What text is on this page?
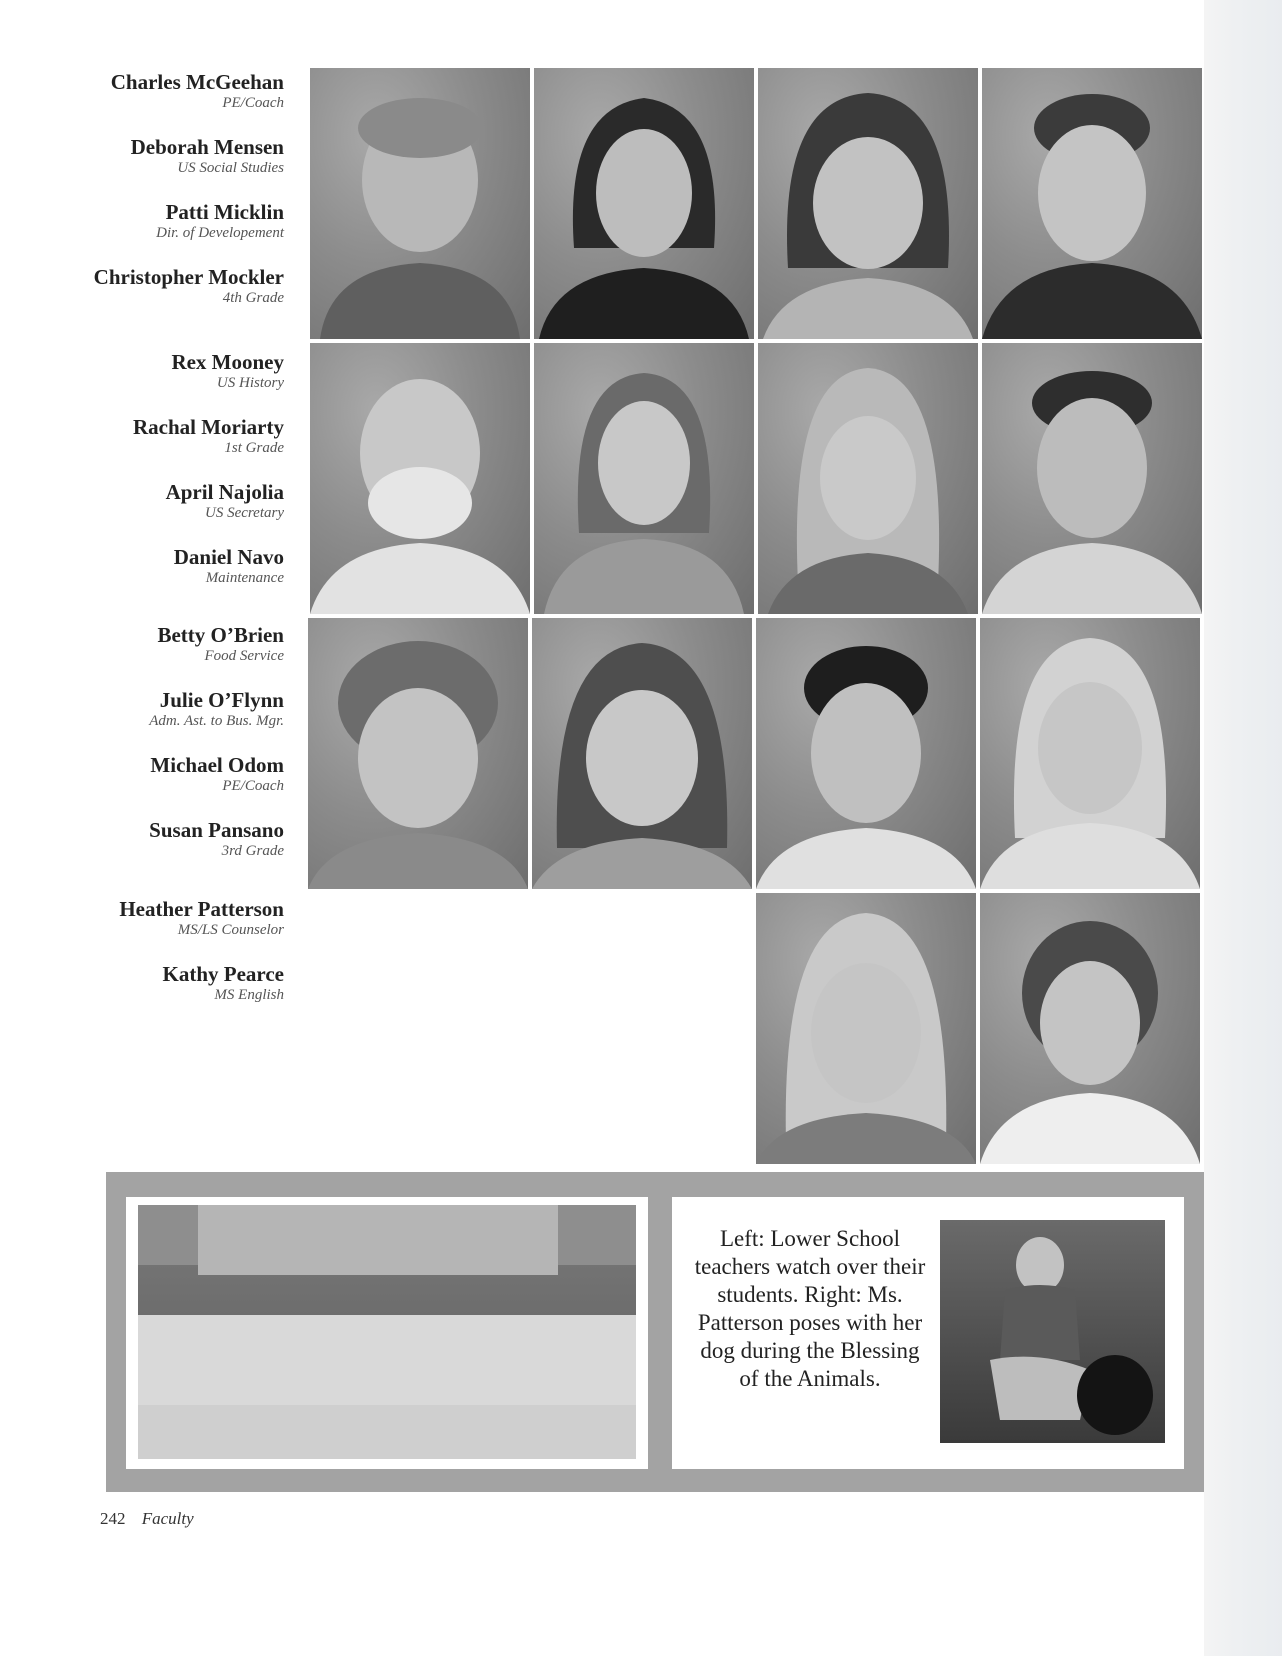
Charles McGeehan
PE/Coach
Deborah Mensen
US Social Studies
Patti Micklin
Dir. of Developement
Christopher Mockler
4th Grade
Rex Mooney
US History
Rachal Moriarty
1st Grade
April Najolia
US Secretary
Daniel Navo
Maintenance
Betty O’Brien
Food Service
Julie O’Flynn
Adm. Ast. to Bus. Mgr.
Michael Odom
PE/Coach
Susan Pansano
3rd Grade
Heather Patterson
MS/LS Counselor
Kathy Pearce
MS English
Left: Lower School teachers watch over their students. Right: Ms. Patterson poses with her dog during the Blessing of the Animals.
242 Faculty
